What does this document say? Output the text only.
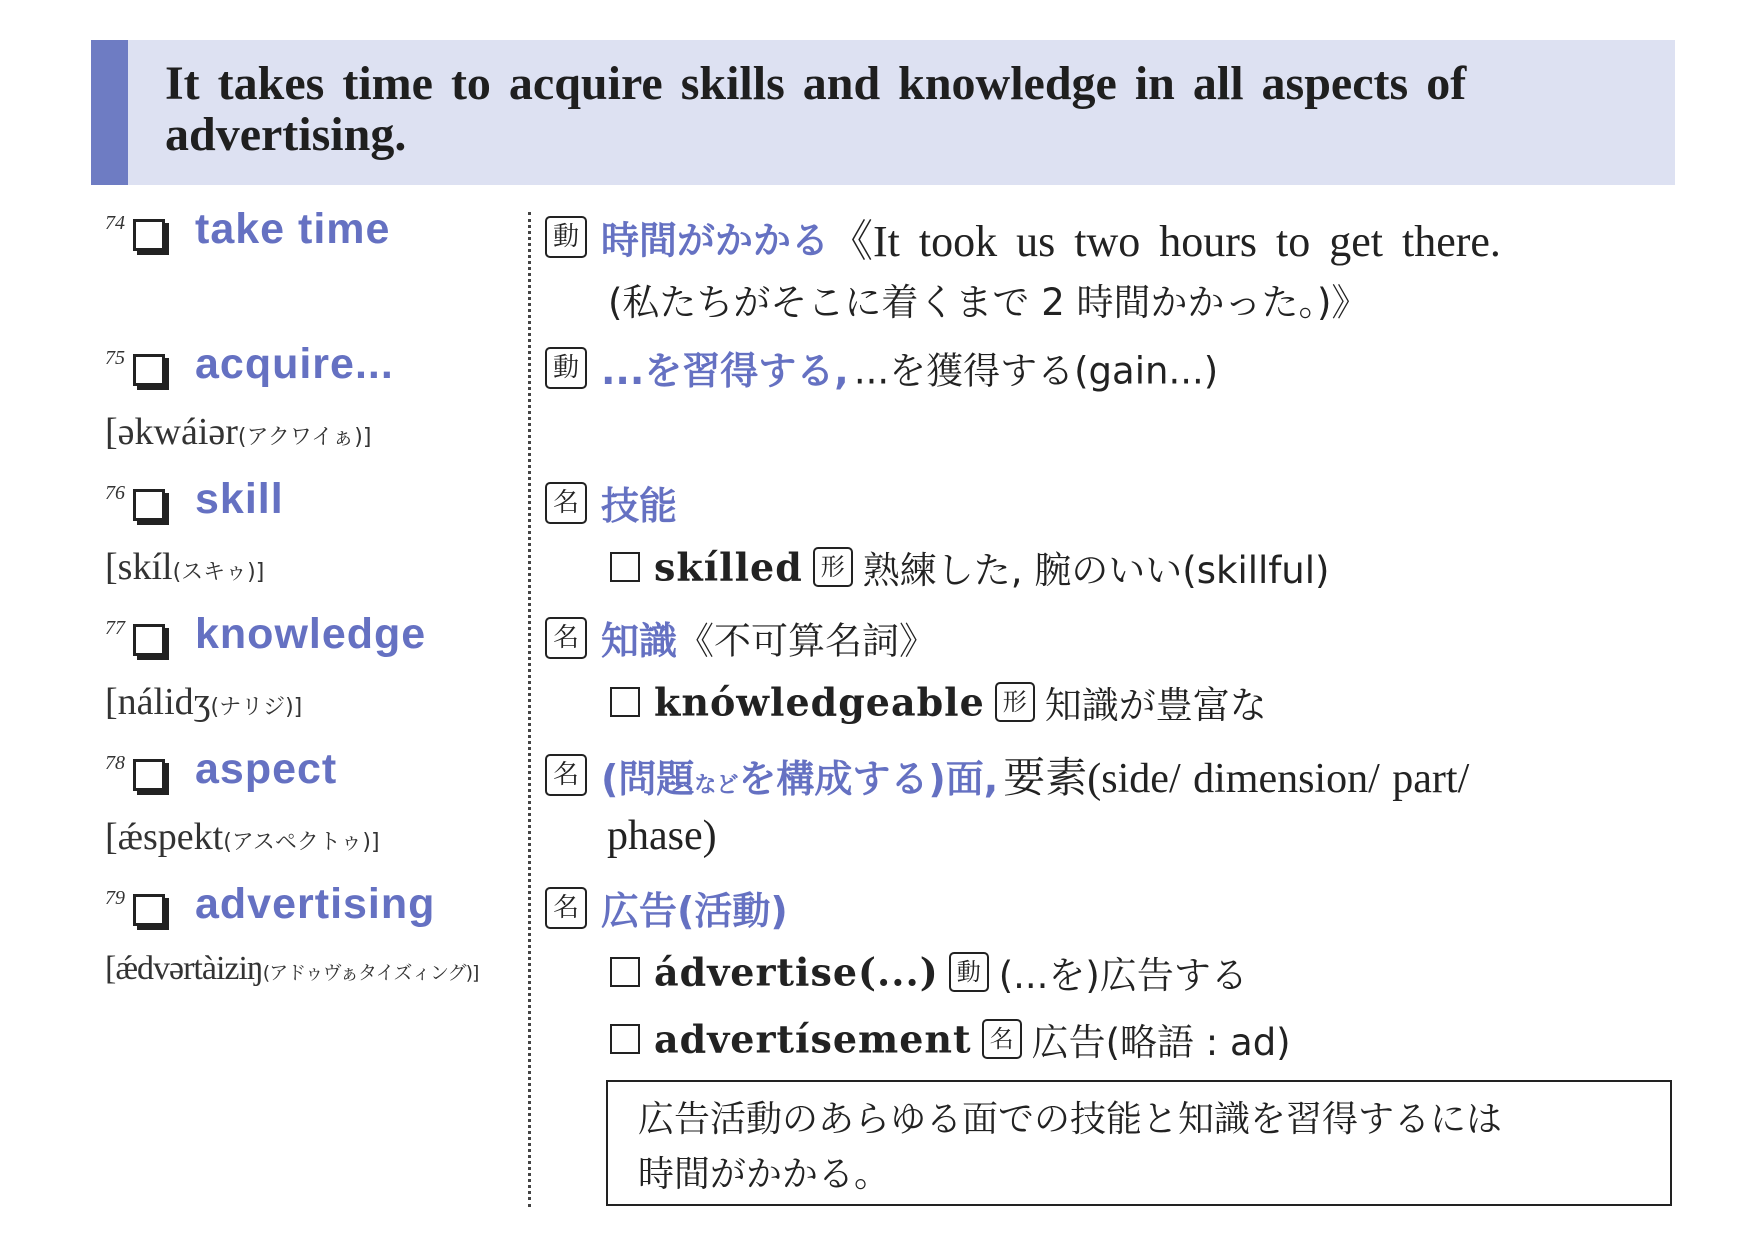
It takes time to acquire skills and knowledge in all aspects of advertising.
74 take time	動 時間がかかる《It took us two hours to get there.
(私たちがそこに着くまで 2 時間かかった。)》
75 acquire...
[əkwáiər(アクワイぁ)]
動 ...を習得する, ...を獲得する(gain...)
76 skill
[skíl(スキゥ)]
名 技能
skílled 形 熟練した, 腕のいい(skillful)
77 knowledge
[nálidʒ(ナリジ)]
名 知識《不可算名詞》
knówledgeable 形 知識が豊富な
78 aspect
[ǽspekt(アスペクトゥ)]
名 (問題などを構成する)面, 要素(side/ dimension/ part/
phase)
79 advertising
[ǽdvərtàiziŋ(アドゥヴぁタイズィング)]
名 広告(活動)
ádvertise(...) 動 (...を)広告する
advertísement 名 広告(略語 : ad)
広告活動のあらゆる面での技能と知識を習得するには
時間がかかる。
